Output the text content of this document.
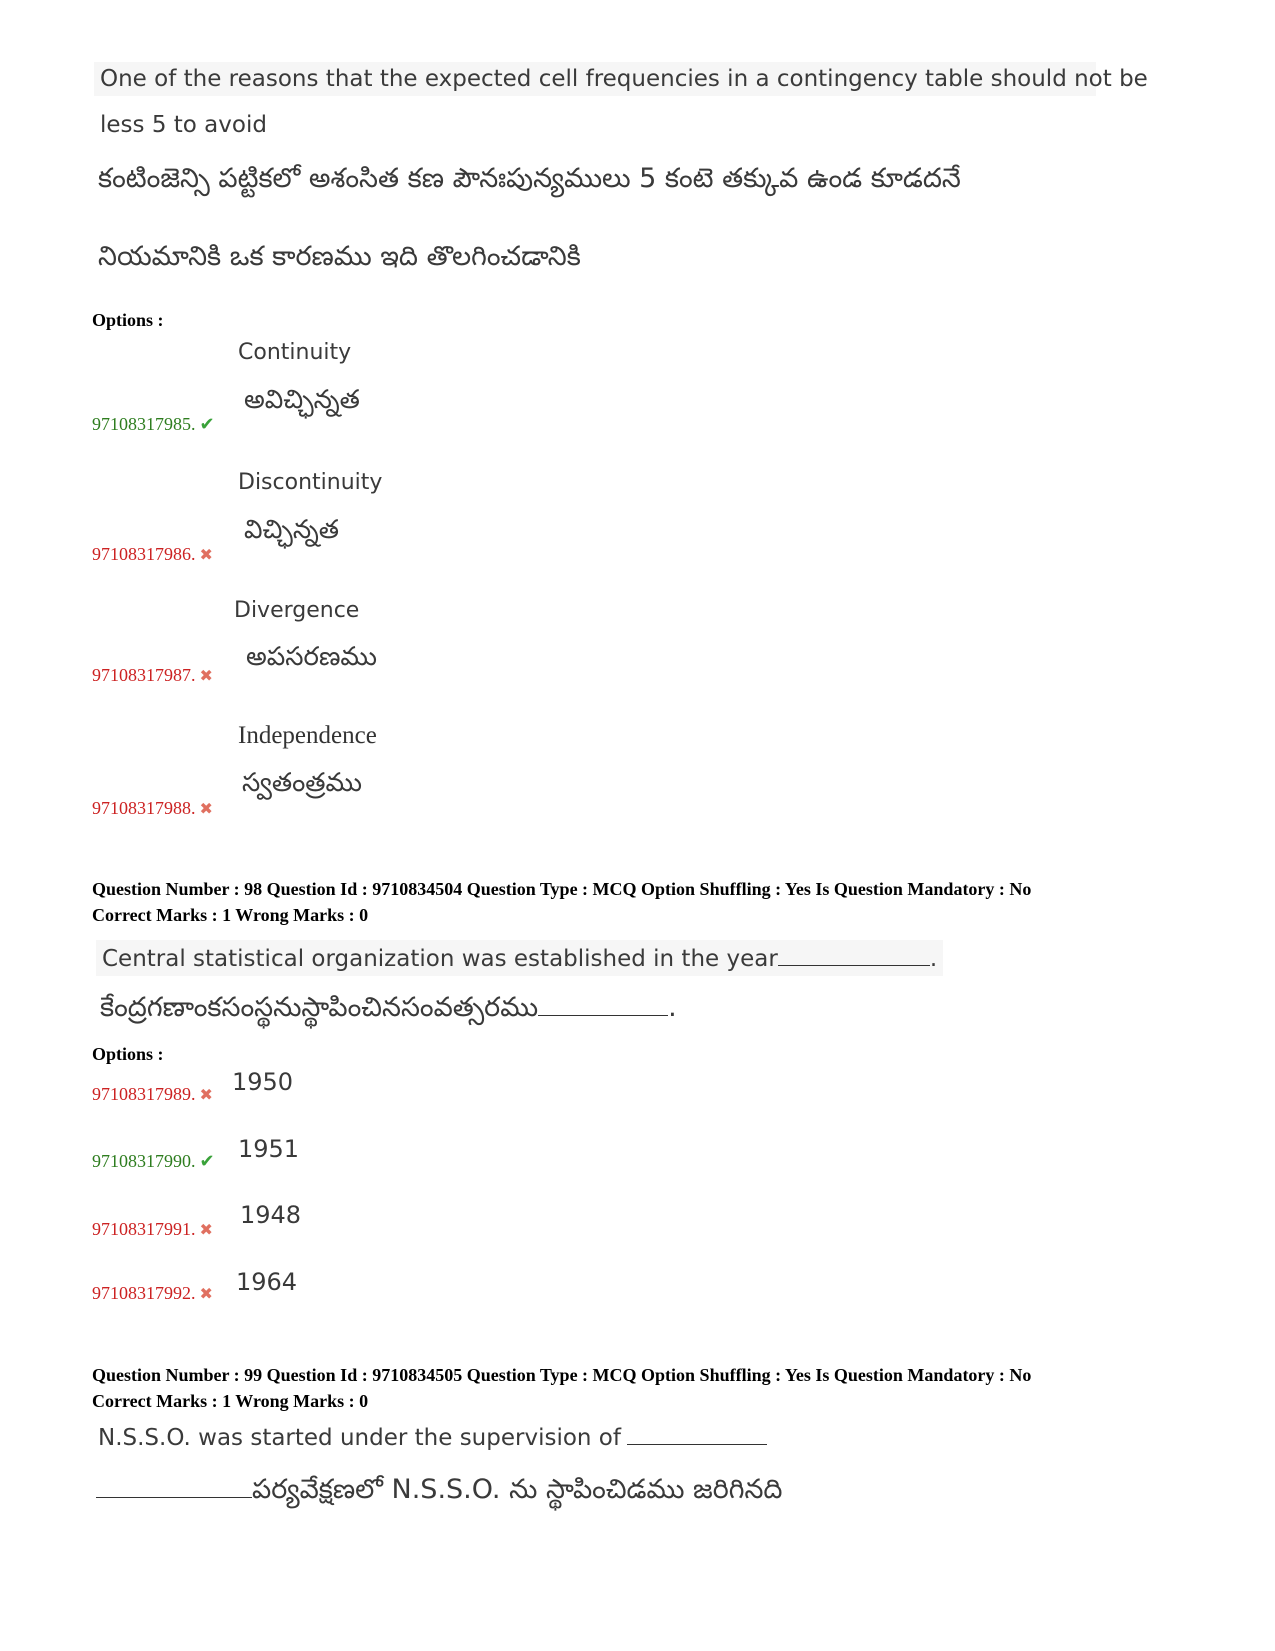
One of the reasons that the expected cell frequencies in a contingency table should not be
less 5 to avoid
కంటింజెన్సి పట్టికలో అశంసిత కణ పౌనఃపున్యములు 5 కంటె తక్కువ ఉండ కూడదనే
నియమానికి ఒక కారణము ఇది తొలగించడానికి
Options :
Continuity
అవిచ్ఛిన్నత
97108317985. ✔
Discontinuity
విచ్ఛిన్నత
97108317986. ✖
Divergence
అపసరణము
97108317987. ✖
Independence
స్వతంత్రము
97108317988. ✖
Question Number : 98 Question Id : 9710834504 Question Type : MCQ Option Shuffling : Yes Is Question Mandatory : No
Correct Marks : 1 Wrong Marks : 0
Central statistical organization was established in the year	.
కేంద్రగణాంకసంస్థనుస్థాపించినసంవత్సరము	.
Options :
97108317989. ✖ 1950
97108317990. ✔ 1951
97108317991. ✖
1948
97108317992. ✖ 1964
Question Number : 99 Question Id : 9710834505 Question Type : MCQ Option Shuffling : Yes Is Question Mandatory : No
Correct Marks : 1 Wrong Marks : 0
N.S.S.O. was started under the supervision of
పర్యవేక్షణలో N.S.S.O. ను స్థాపించిడము జరిగినది
